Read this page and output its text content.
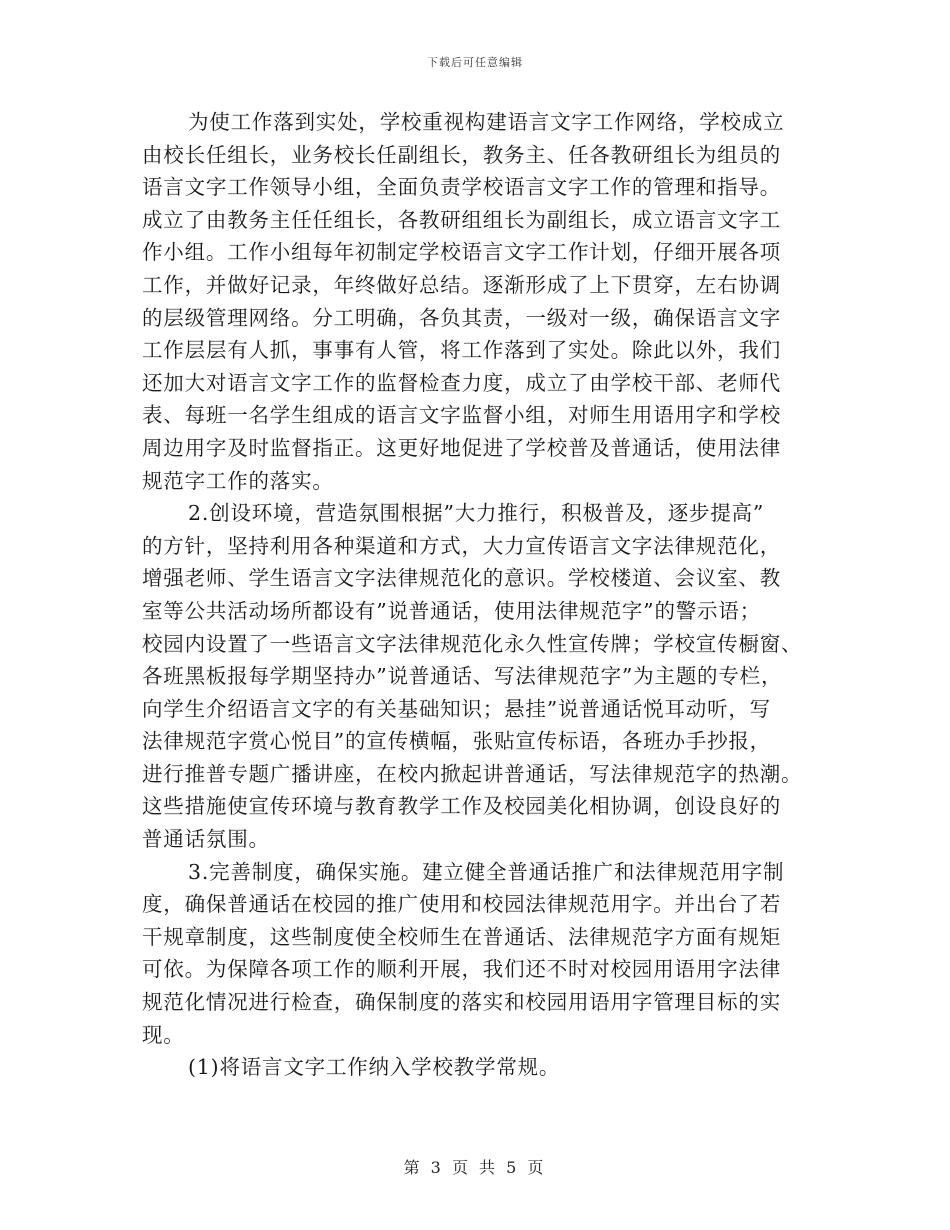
下载后可任意编辑
为使工作落到实处，学校重视构建语言文字工作网络，学校成立
由校长任组长，业务校长任副组长，教务主、任各教研组长为组员的
语言文字工作领导小组，全面负责学校语言文字工作的管理和指导。
成立了由教务主任任组长，各教研组组长为副组长，成立语言文字工
作小组。工作小组每年初制定学校语言文字工作计划，仔细开展各项
工作，并做好记录，年终做好总结。逐渐形成了上下贯穿，左右协调
的层级管理网络。分工明确，各负其责，一级对一级，确保语言文字
工作层层有人抓，事事有人管，将工作落到了实处。除此以外，我们
还加大对语言文字工作的监督检查力度，成立了由学校干部、老师代
表、每班一名学生组成的语言文字监督小组，对师生用语用字和学校
周边用字及时监督指正。这更好地促进了学校普及普通话，使用法律
规范字工作的落实。
2.创设环境，营造氛围根据”大力推行，积极普及，逐步提高”
的方针，坚持利用各种渠道和方式，大力宣传语言文字法律规范化，
增强老师、学生语言文字法律规范化的意识。学校楼道、会议室、教
室等公共活动场所都设有”说普通话，使用法律规范字”的警示语；
校园内设置了一些语言文字法律规范化永久性宣传牌；学校宣传橱窗、
各班黑板报每学期坚持办”说普通话、写法律规范字”为主题的专栏，
向学生介绍语言文字的有关基础知识；悬挂”说普通话悦耳动听，写
法律规范字赏心悦目”的宣传横幅，张贴宣传标语，各班办手抄报，
进行推普专题广播讲座，在校内掀起讲普通话，写法律规范字的热潮。
这些措施使宣传环境与教育教学工作及校园美化相协调，创设良好的
普通话氛围。
3.完善制度，确保实施。建立健全普通话推广和法律规范用字制
度，确保普通话在校园的推广使用和校园法律规范用字。并出台了若
干规章制度，这些制度使全校师生在普通话、法律规范字方面有规矩
可依。为保障各项工作的顺利开展，我们还不时对校园用语用字法律
规范化情况进行检查，确保制度的落实和校园用语用字管理目标的实
现。
(1)将语言文字工作纳入学校教学常规。
第 3 页 共 5 页
